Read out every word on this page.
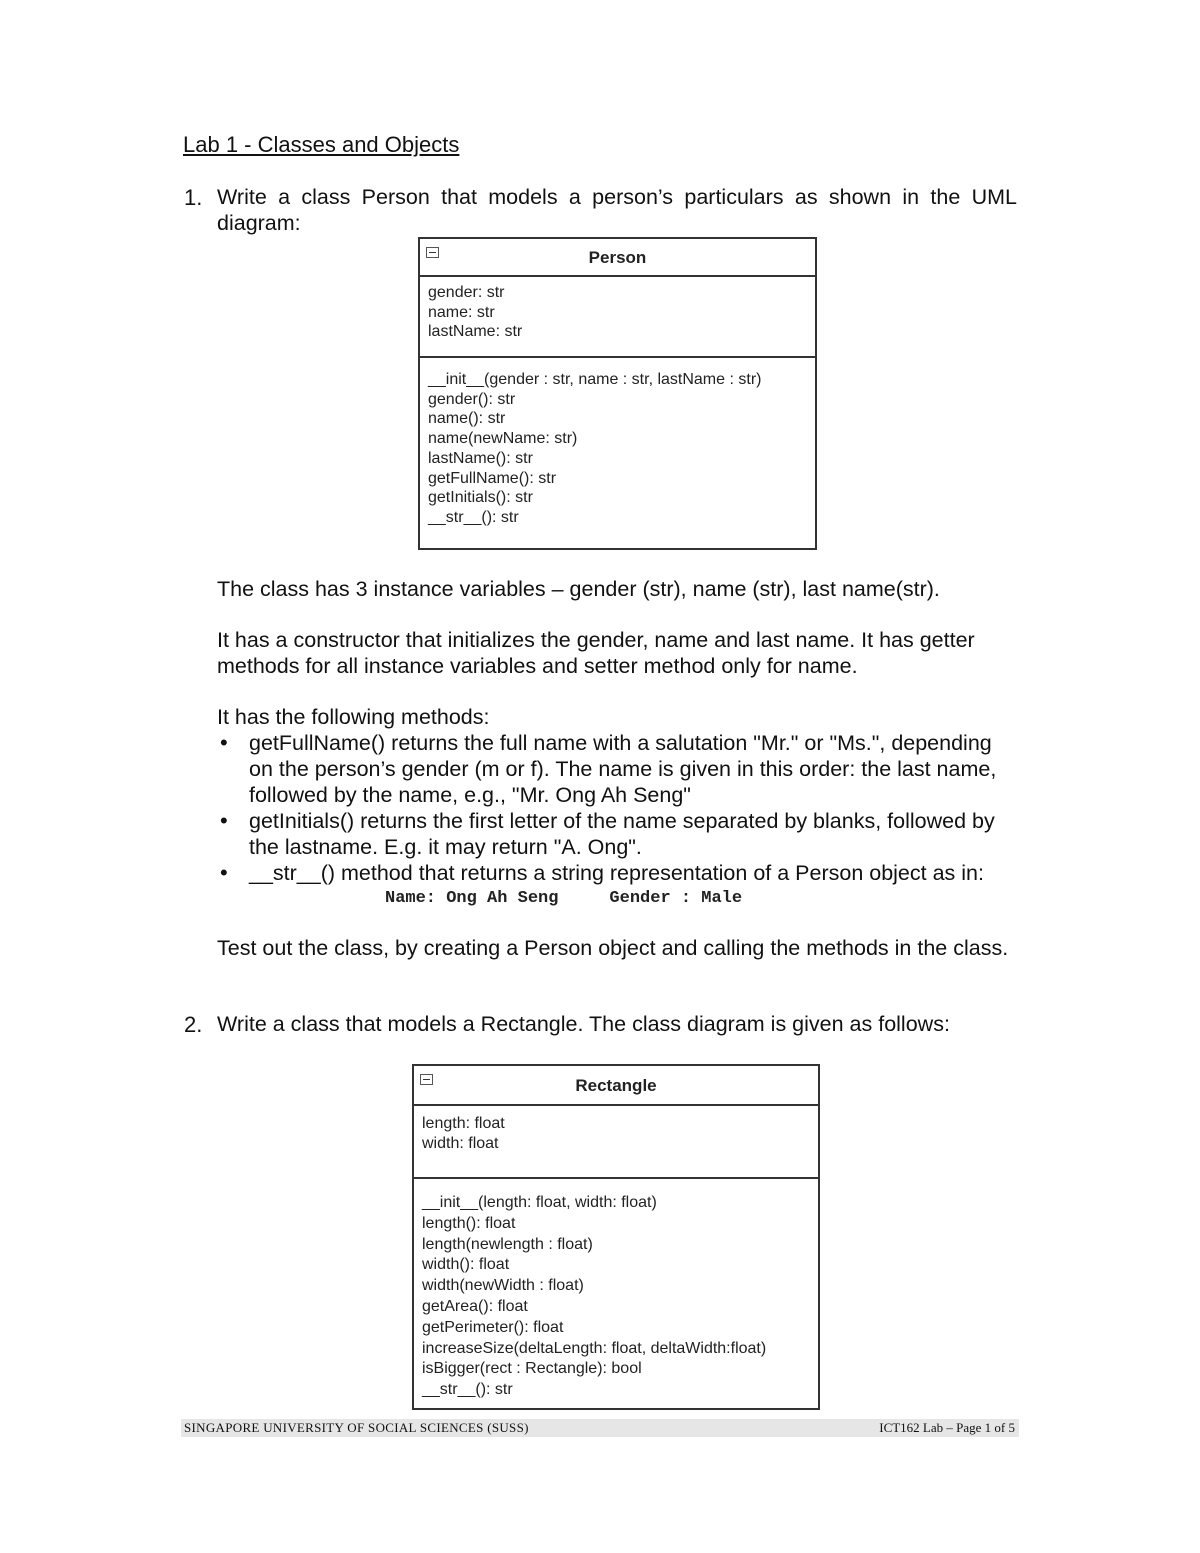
Lab 1 - Classes and Objects
1. Write a class Person that models a person’s particulars as shown in the UML diagram:
Person
gender: str
name: str
lastName: str
__init__(gender : str, name : str, lastName : str)
gender(): str
name(): str
name(newName: str)
lastName(): str
getFullName(): str
getInitials(): str
__str__(): str
The class has 3 instance variables – gender (str), name (str), last name(str).
It has a constructor that initializes the gender, name and last name. It has getter methods for all instance variables and setter method only for name.
It has the following methods:
• getFullName() returns the full name with a salutation "Mr." or "Ms.", depending on the person’s gender (m or f). The name is given in this order: the last name, followed by the name, e.g., "Mr. Ong Ah Seng"
• getInitials() returns the first letter of the name separated by blanks, followed by the lastname. E.g. it may return "A. Ong".
• __str__() method that returns a string representation of a Person object as in:
Name: Ong Ah Seng     Gender : Male
Test out the class, by creating a Person object and calling the methods in the class.
2. Write a class that models a Rectangle. The class diagram is given as follows:
Rectangle
length: float
width: float
__init__(length: float, width: float)
length(): float
length(newlength : float)
width(): float
width(newWidth : float)
getArea(): float
getPerimeter(): float
increaseSize(deltaLength: float, deltaWidth:float)
isBigger(rect : Rectangle): bool
__str__(): str
SINGAPORE UNIVERSITY OF SOCIAL SCIENCES (SUSS)	ICT162 Lab – Page 1 of 5
